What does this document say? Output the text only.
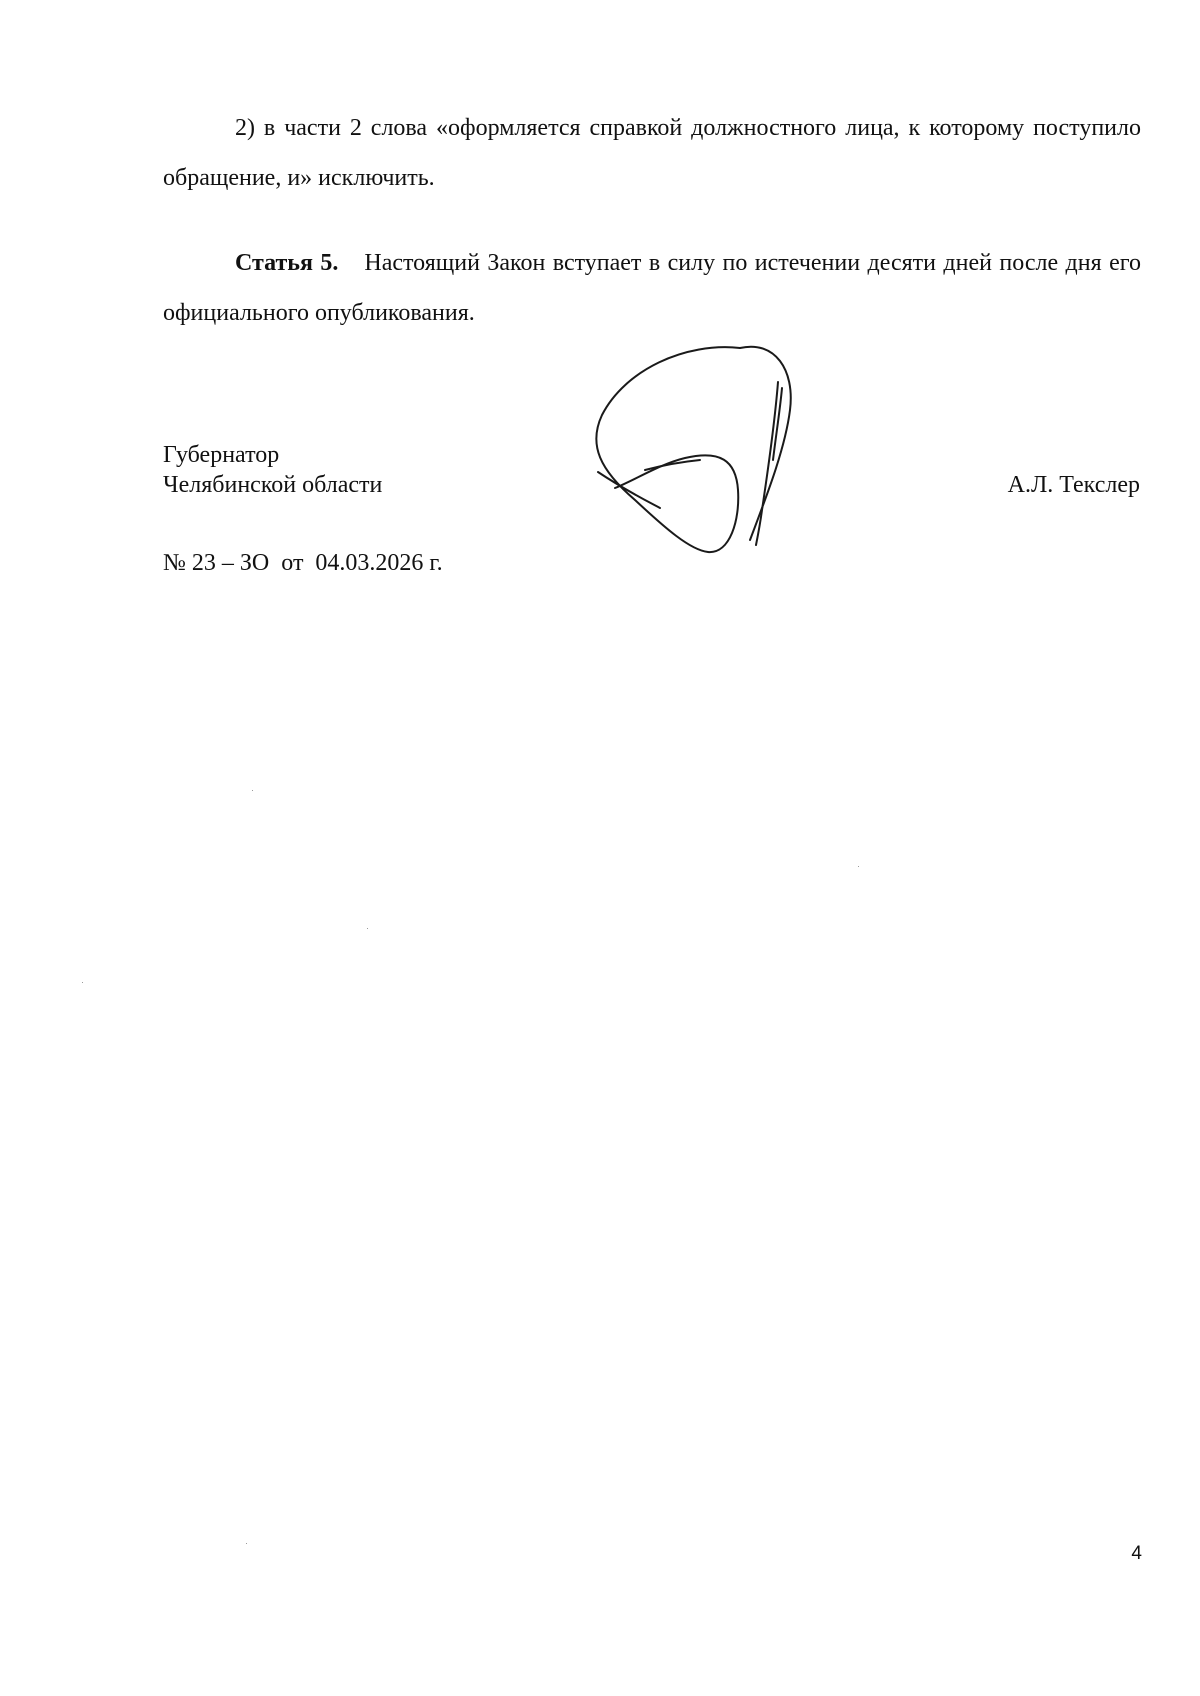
2) в части 2 слова «оформляется справкой должностного лица, к которому поступило обращение, и» исключить.

Статья 5. Настоящий Закон вступает в силу по истечении десяти дней после дня его официального опубликования.

Губернатор
Челябинской области	А.Л. Текслер
№ 23 – ЗО  от  04.03.2026 г.
4
